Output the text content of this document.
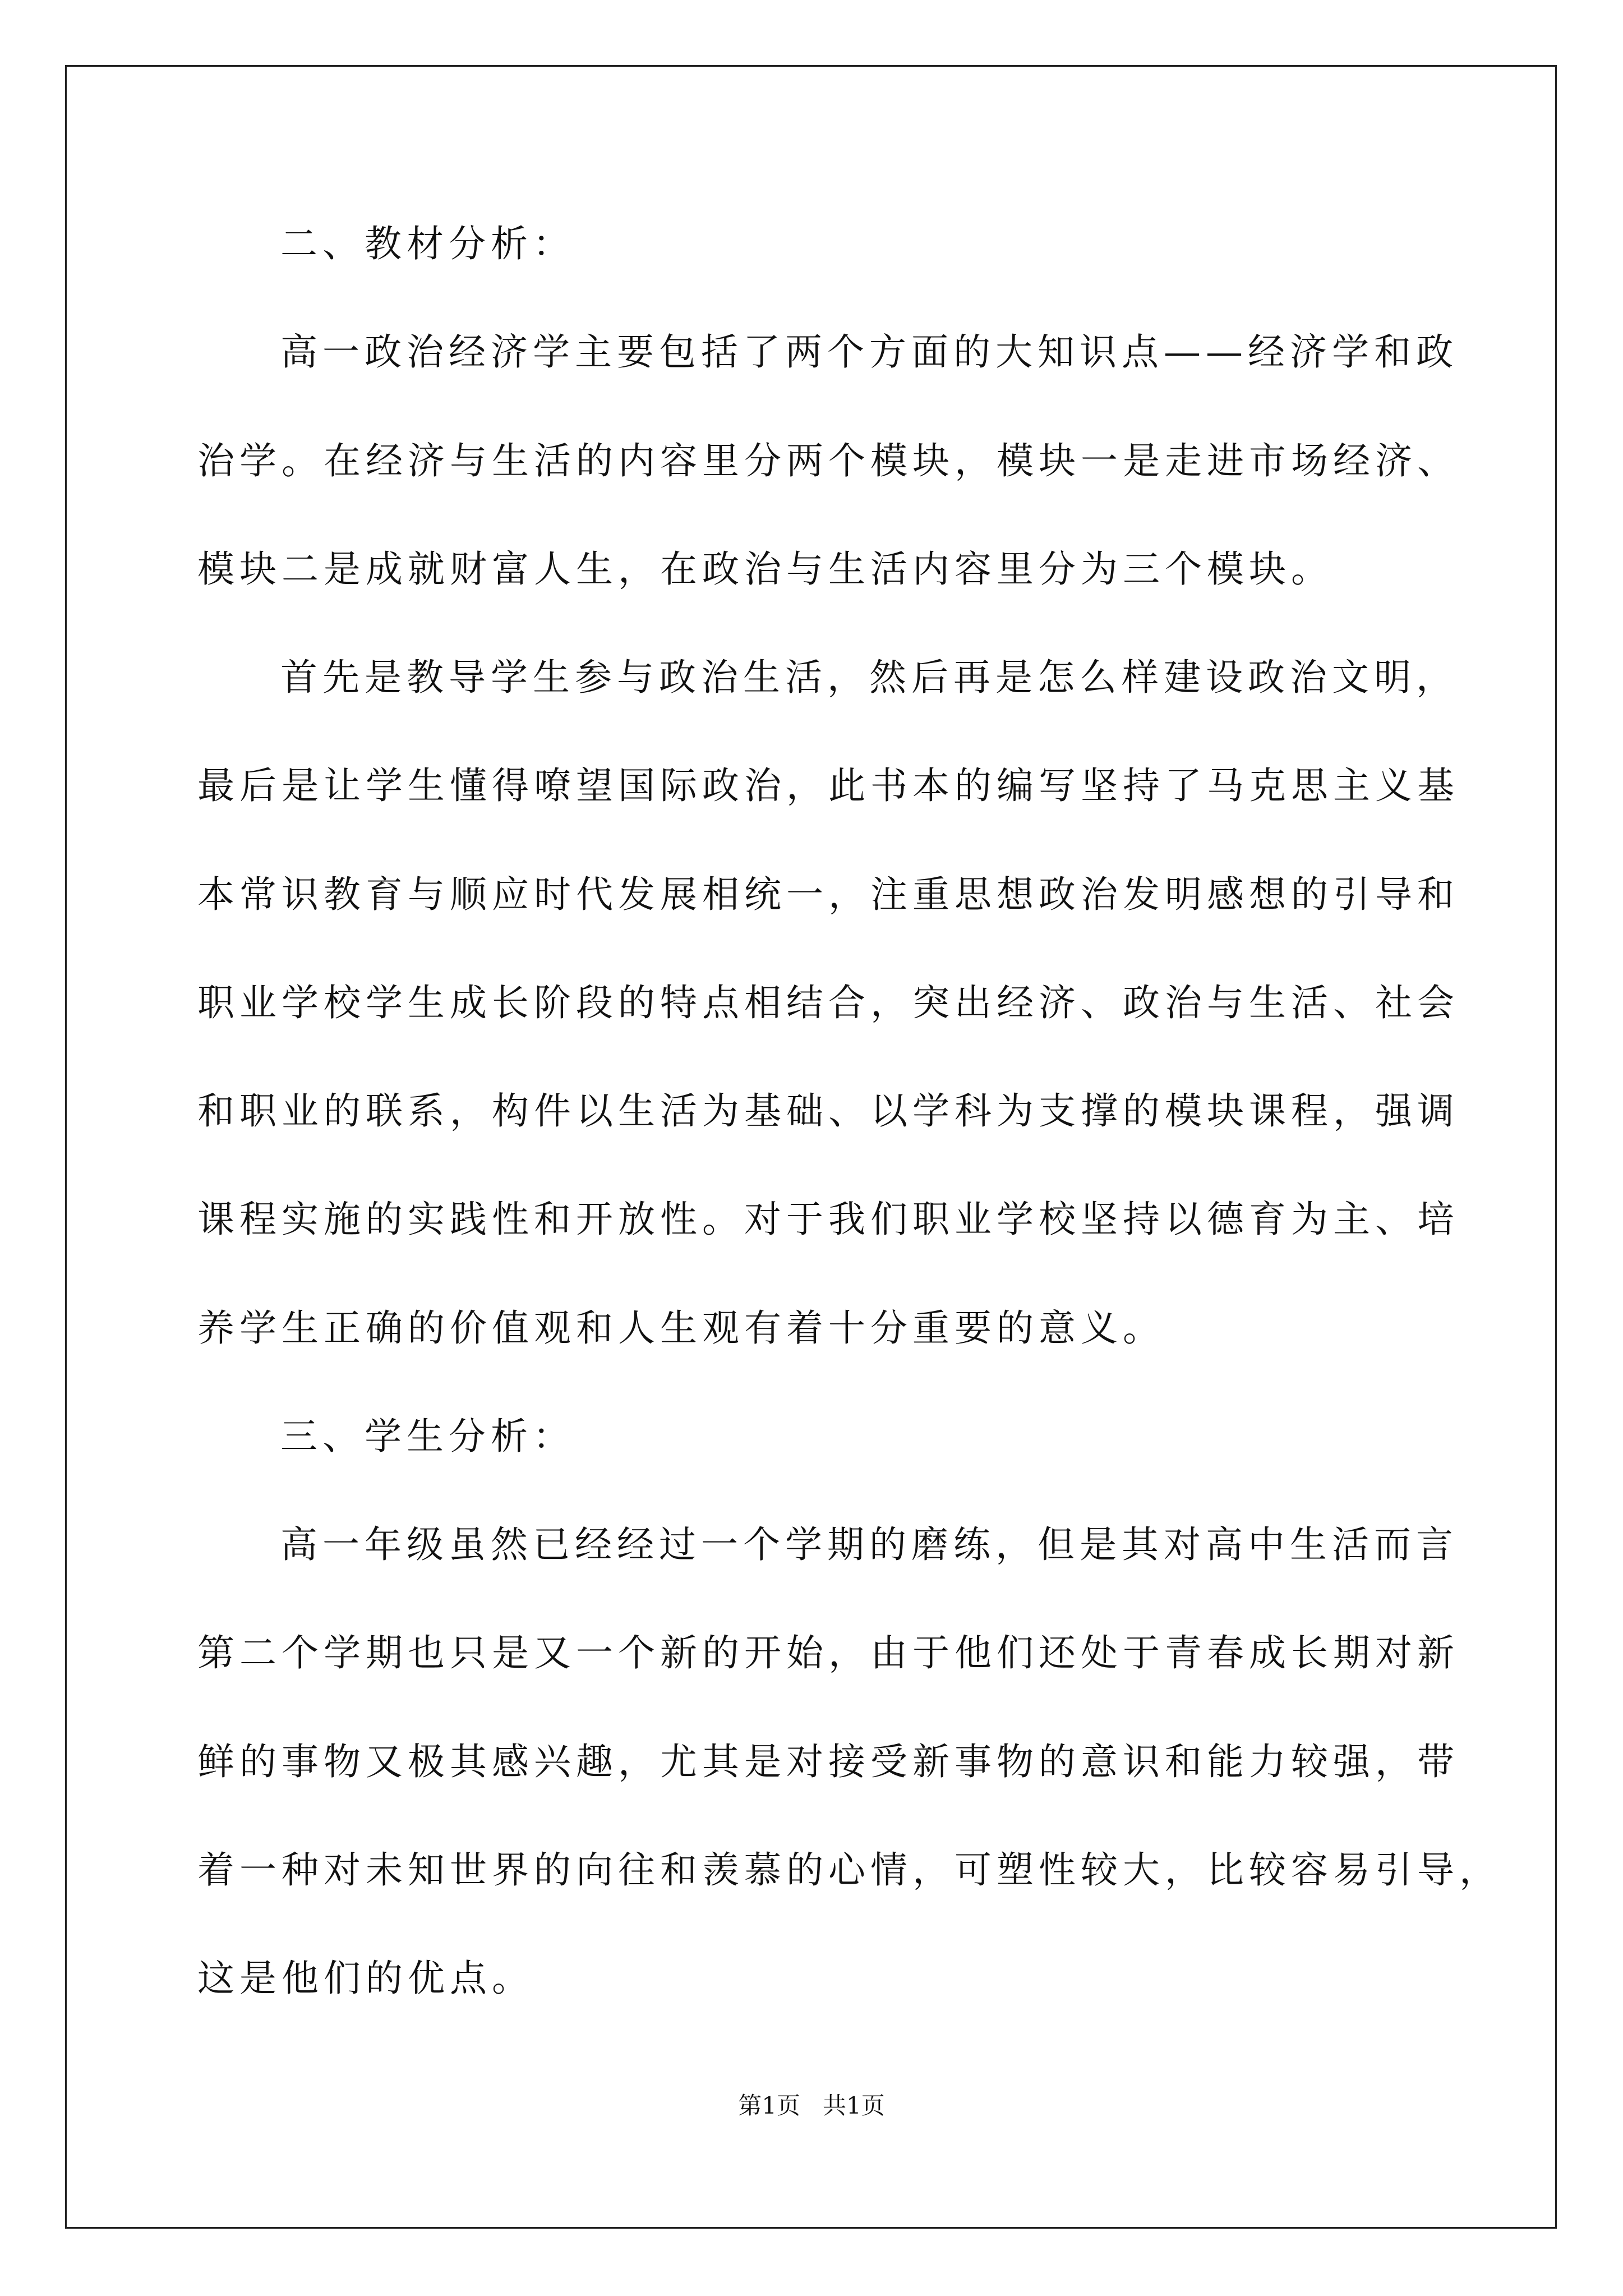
二、教材分析：
高一政治经济学主要包括了两个方面的大知识点——经济学和政
治学。在经济与生活的内容里分两个模块，模块一是走进市场经济、
模块二是成就财富人生，在政治与生活内容里分为三个模块。
首先是教导学生参与政治生活，然后再是怎么样建设政治文明，
最后是让学生懂得嘹望国际政治，此书本的编写坚持了马克思主义基
本常识教育与顺应时代发展相统一，注重思想政治发明感想的引导和
职业学校学生成长阶段的特点相结合，突出经济、政治与生活、社会
和职业的联系，构件以生活为基础、以学科为支撑的模块课程，强调
课程实施的实践性和开放性。对于我们职业学校坚持以德育为主、培
养学生正确的价值观和人生观有着十分重要的意义。
三、学生分析：
高一年级虽然已经经过一个学期的磨练，但是其对高中生活而言
第二个学期也只是又一个新的开始，由于他们还处于青春成长期对新
鲜的事物又极其感兴趣，尤其是对接受新事物的意识和能力较强，带
着一种对未知世界的向往和羡慕的心情，可塑性较大，比较容易引导，
这是他们的优点。
第1页   共1页
